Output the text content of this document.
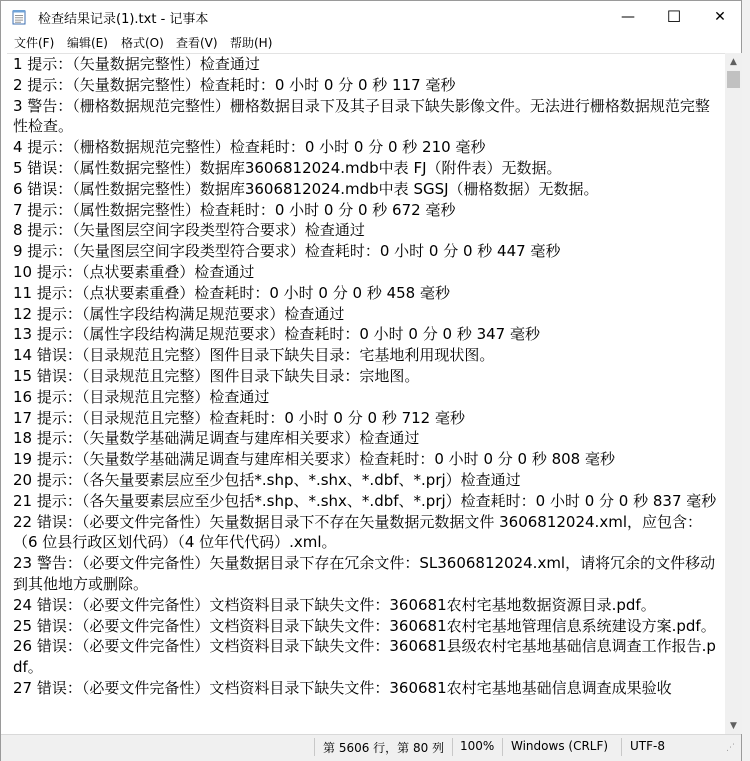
检查结果记录(1).txt - 记事本	— ☐ ✕
文件(F) 编辑(E) 格式(O) 查看(V) 帮助(H)
1 提示：（矢量数据完整性）检查通过
2 提示：（矢量数据完整性）检查耗时：0 小时 0 分 0 秒 117 毫秒
3 警告：（栅格数据规范完整性）栅格数据目录下及其子目录下缺失影像文件。无法进行栅格数据规范完整性检查。
4 提示：（栅格数据规范完整性）检查耗时：0 小时 0 分 0 秒 210 毫秒
5 错误：（属性数据完整性）数据库3606812024.mdb中表 FJ（附件表）无数据。
6 错误：（属性数据完整性）数据库3606812024.mdb中表 SGSJ（栅格数据）无数据。
7 提示：（属性数据完整性）检查耗时：0 小时 0 分 0 秒 672 毫秒
8 提示：（矢量图层空间字段类型符合要求）检查通过
9 提示：（矢量图层空间字段类型符合要求）检查耗时：0 小时 0 分 0 秒 447 毫秒
10 提示：（点状要素重叠）检查通过
11 提示：（点状要素重叠）检查耗时：0 小时 0 分 0 秒 458 毫秒
12 提示：（属性字段结构满足规范要求）检查通过
13 提示：（属性字段结构满足规范要求）检查耗时：0 小时 0 分 0 秒 347 毫秒
14 错误：（目录规范且完整）图件目录下缺失目录：宅基地利用现状图。
15 错误：（目录规范且完整）图件目录下缺失目录：宗地图。
16 提示：（目录规范且完整）检查通过
17 提示：（目录规范且完整）检查耗时：0 小时 0 分 0 秒 712 毫秒
18 提示：（矢量数学基础满足调查与建库相关要求）检查通过
19 提示：（矢量数学基础满足调查与建库相关要求）检查耗时：0 小时 0 分 0 秒 808 毫秒
20 提示：（各矢量要素层应至少包括*.shp、*.shx、*.dbf、*.prj）检查通过
21 提示：（各矢量要素层应至少包括*.shp、*.shx、*.dbf、*.prj）检查耗时：0 小时 0 分 0 秒 837 毫秒
22 错误：（必要文件完备性）矢量数据目录下不存在矢量数据元数据文件 3606812024.xml，应包含：（6 位县行政区划代码）（4 位年代代码）.xml。
23 警告：（必要文件完备性）矢量数据目录下存在冗余文件：SL3606812024.xml，请将冗余的文件移动到其他地方或删除。
24 错误：（必要文件完备性）文档资料目录下缺失文件：360681农村宅基地数据资源目录.pdf。
25 错误：（必要文件完备性）文档资料目录下缺失文件：360681农村宅基地管理信息系统建设方案.pdf。
26 错误：（必要文件完备性）文档资料目录下缺失文件：360681县级农村宅基地基础信息调查工作报告.pdf。
27 错误：（必要文件完备性）文档资料目录下缺失文件：360681农村宅基地基础信息调查成果验收
▲
▼
第 5606 行，第 80 列 100% Windows (CRLF) UTF-8	⋰
